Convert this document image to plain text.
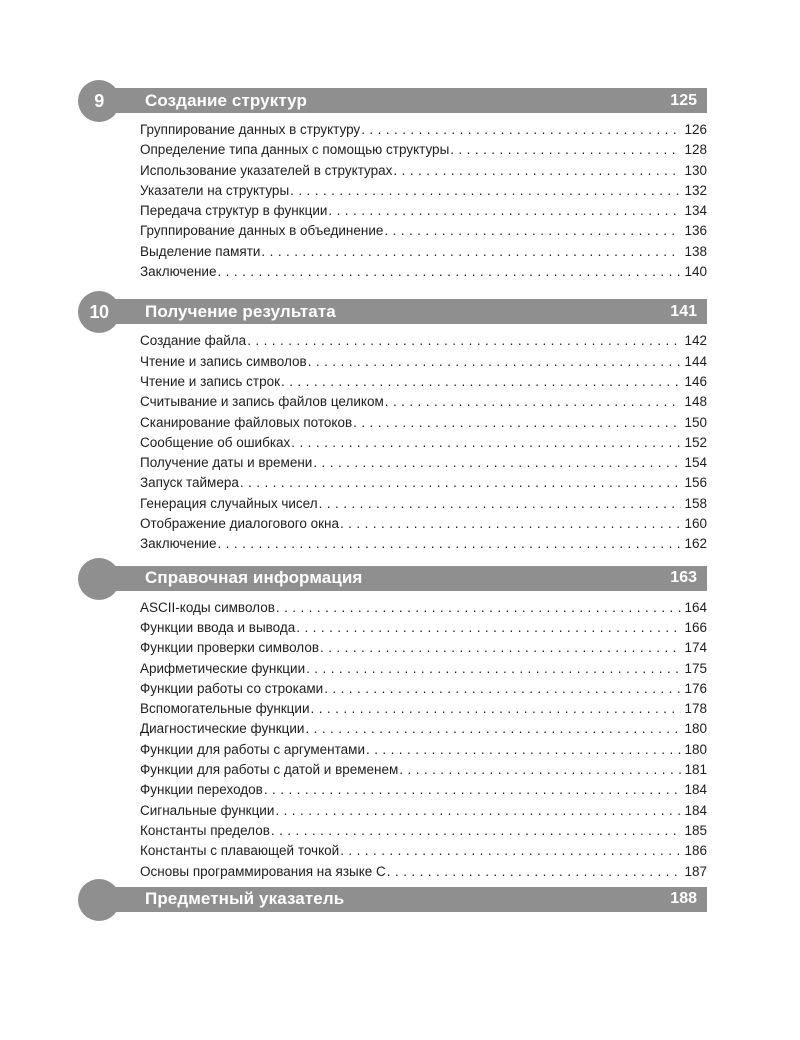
Создание структур	125
9
Группирование данных в структуру . . .	126
Определение типа данных с помощью структуры . . .	128
Использование указателей в структурах . . .	130
Указатели на структуры . . .	132
Передача структур в функции . . .	134
Группирование данных в объединение . . .	136
Выделение памяти . . .	138
Заключение . . .	140
Получение результата	141
10
Создание файла . . .	142
Чтение и запись символов . . .	144
Чтение и запись строк . . .	146
Считывание и запись файлов целиком . . .	148
Сканирование файловых потоков . . .	150
Сообщение об ошибках . . .	152
Получение даты и времени . . .	154
Запуск таймера . . .	156
Генерация случайных чисел . . .	158
Отображение диалогового окна . . .	160
Заключение . . .	162
Справочная информация	163
ASCII-коды символов . . .	164
Функции ввода и вывода . . .	166
Функции проверки символов . . .	174
Арифметические функции . . .	175
Функции работы со строками . . .	176
Вспомогательные функции . . .	178
Диагностические функции . . .	180
Функции для работы с аргументами . . .	180
Функции для работы с датой и временем . . .	181
Функции переходов . . .	184
Сигнальные функции . . .	184
Константы пределов . . .	185
Константы с плавающей точкой . . .	186
Основы программирования на языке C . . .	187
Предметный указатель	188
